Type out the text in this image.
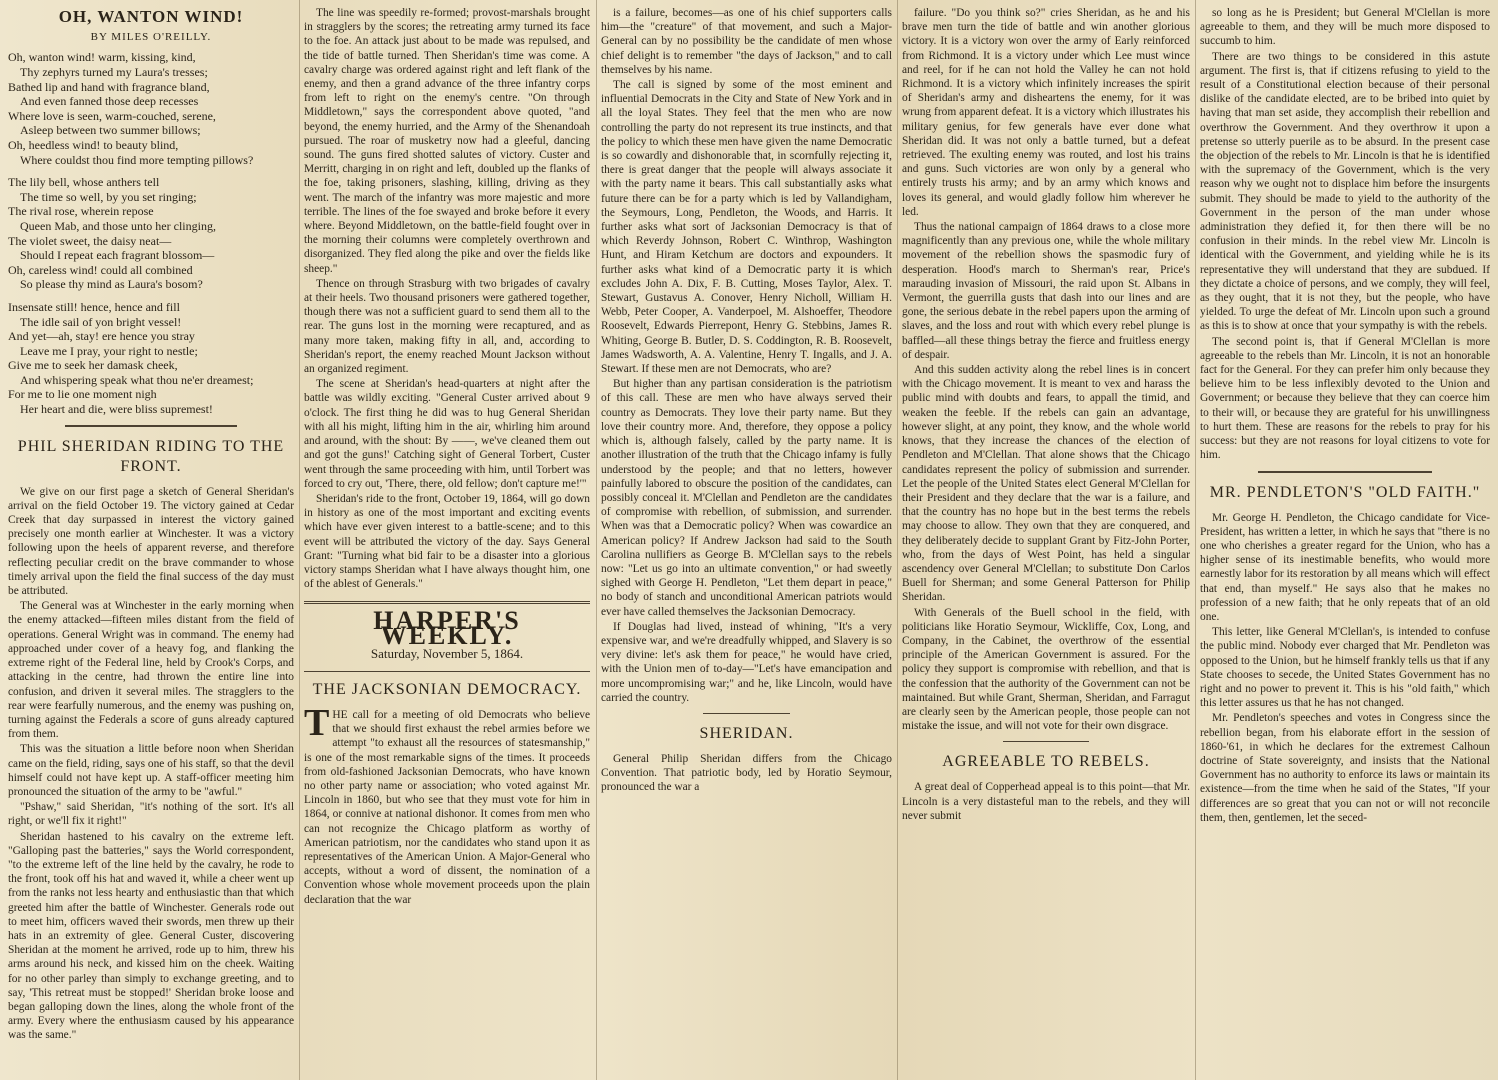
OH, WANTON WIND!
BY MILES O'REILLY.
Oh, wanton wind! warm, kissing, kind,
Thy zephyrs turned my Laura's tresses;
Bathed lip and hand with fragrance bland,
And even fanned those deep recesses
Where love is seen, warm-couched, serene,
Asleep between two summer billows;
Oh, heedless wind! to beauty blind,
Where couldst thou find more tempting pillows?
The lily bell, whose anthers tell
The time so well, by you set ringing;
The rival rose, wherein repose
Queen Mab, and those unto her clinging,
The violet sweet, the daisy neat—
Should I repeat each fragrant blossom—
Oh, careless wind! could all combined
So please thy mind as Laura's bosom?
Insensate still! hence, hence and fill
The idle sail of yon bright vessel!
And yet—ah, stay! ere hence you stray
Leave me I pray, your right to nestle;
Give me to seek her damask cheek,
And whispering speak what thou ne'er dreamest;
For me to lie one moment nigh
Her heart and die, were bliss supremest!
PHIL SHERIDAN RIDING TO THE FRONT.

We give on our first page a sketch of General Sheridan's arrival on the field October 19. The victory gained at Cedar Creek that day surpassed in interest the victory gained precisely one month earlier at Winchester. It was a victory following upon the heels of apparent reverse, and therefore reflecting peculiar credit on the brave commander to whose timely arrival upon the field the final success of the day must be attributed.

The General was at Winchester in the early morning when the enemy attacked—fifteen miles distant from the field of operations. General Wright was in command. The enemy had approached under cover of a heavy fog, and flanking the extreme right of the Federal line, held by Crook's Corps, and attacking in the centre, had thrown the entire line into confusion, and driven it several miles. The stragglers to the rear were fearfully numerous, and the enemy was pushing on, turning against the Federals a score of guns already captured from them.

This was the situation a little before noon when Sheridan came on the field, riding, says one of his staff, so that the devil himself could not have kept up. A staff-officer meeting him pronounced the situation of the army to be "awful."

"Pshaw," said Sheridan, "it's nothing of the sort. It's all right, or we'll fix it right!"

Sheridan hastened to his cavalry on the extreme left. "Galloping past the batteries," says the World correspondent, "to the extreme left of the line held by the cavalry, he rode to the front, took off his hat and waved it, while a cheer went up from the ranks not less hearty and enthusiastic than that which greeted him after the battle of Winchester. Generals rode out to meet him, officers waved their swords, men threw up their hats in an extremity of glee. General Custer, discovering Sheridan at the moment he arrived, rode up to him, threw his arms around his neck, and kissed him on the cheek. Waiting for no other parley than simply to exchange greeting, and to say, 'This retreat must be stopped!' Sheridan broke loose and began galloping down the lines, along the whole front of the army. Every where the enthusiasm caused by his appearance was the same."

The line was speedily re-formed; provost-marshals brought in stragglers by the scores; the retreating army turned its face to the foe. An attack just about to be made was repulsed, and the tide of battle turned. Then Sheridan's time was come. A cavalry charge was ordered against right and left flank of the enemy, and then a grand advance of the three infantry corps from left to right on the enemy's centre. "On through Middletown," says the correspondent above quoted, "and beyond, the enemy hurried, and the Army of the Shenandoah pursued. The roar of musketry now had a gleeful, dancing sound. The guns fired shotted salutes of victory. Custer and Merritt, charging in on right and left, doubled up the flanks of the foe, taking prisoners, slashing, killing, driving as they went. The march of the infantry was more majestic and more terrible. The lines of the foe swayed and broke before it every where. Beyond Middletown, on the battle-field fought over in the morning their columns were completely overthrown and disorganized. They fled along the pike and over the fields like sheep."

Thence on through Strasburg with two brigades of cavalry at their heels. Two thousand prisoners were gathered together, though there was not a sufficient guard to send them all to the rear. The guns lost in the morning were recaptured, and as many more taken, making fifty in all, and, according to Sheridan's report, the enemy reached Mount Jackson without an organized regiment.

The scene at Sheridan's head-quarters at night after the battle was wildly exciting. "General Custer arrived about 9 o'clock. The first thing he did was to hug General Sheridan with all his might, lifting him in the air, whirling him around and around, with the shout: By ——, we've cleaned them out and got the guns!' Catching sight of General Torbert, Custer went through the same proceeding with him, until Torbert was forced to cry out, 'There, there, old fellow; don't capture me!'"

Sheridan's ride to the front, October 19, 1864, will go down in history as one of the most important and exciting events which have ever given interest to a battle-scene; and to this event will be attributed the victory of the day. Says General Grant: "Turning what bid fair to be a disaster into a glorious victory stamps Sheridan what I have always thought him, one of the ablest of Generals."

HARPER'S WEEKLY.
Saturday, November 5, 1864.
THE JACKSONIAN DEMOCRACY.

THE call for a meeting of old Democrats who believe that we should first exhaust the rebel armies before we attempt "to exhaust all the resources of statesmanship," is one of the most remarkable signs of the times. It proceeds from old-fashioned Jacksonian Democrats, who have known no other party name or association; who voted against Mr. Lincoln in 1860, but who see that they must vote for him in 1864, or connive at national dishonor. It comes from men who can not recognize the Chicago platform as worthy of American patriotism, nor the candidates who stand upon it as representatives of the American Union. A Major-General who accepts, without a word of dissent, the nomination of a Convention whose whole movement proceeds upon the plain declaration that the war

is a failure, becomes—as one of his chief supporters calls him—the "creature" of that movement, and such a Major-General can by no possibility be the candidate of men whose chief delight is to remember "the days of Jackson," and to call themselves by his name.

The call is signed by some of the most eminent and influential Democrats in the City and State of New York and in all the loyal States. They feel that the men who are now controlling the party do not represent its true instincts, and that the policy to which these men have given the name Democratic is so cowardly and dishonorable that, in scornfully rejecting it, there is great danger that the people will always associate it with the party name it bears. This call substantially asks what future there can be for a party which is led by Vallandigham, the Seymours, Long, Pendleton, the Woods, and Harris. It further asks what sort of Jacksonian Democracy is that of which Reverdy Johnson, Robert C. Winthrop, Washington Hunt, and Hiram Ketchum are doctors and expounders. It further asks what kind of a Democratic party it is which excludes John A. Dix, F. B. Cutting, Moses Taylor, Alex. T. Stewart, Gustavus A. Conover, Henry Nicholl, William H. Webb, Peter Cooper, A. Vanderpoel, M. Alshoeffer, Theodore Roosevelt, Edwards Pierrepont, Henry G. Stebbins, James R. Whiting, George B. Butler, D. S. Coddington, R. B. Roosevelt, James Wadsworth, A. A. Valentine, Henry T. Ingalls, and J. A. Stewart. If these men are not Democrats, who are?

But higher than any partisan consideration is the patriotism of this call. These are men who have always served their country as Democrats. They love their party name. But they love their country more. And, therefore, they oppose a policy which is, although falsely, called by the party name. It is another illustration of the truth that the Chicago infamy is fully understood by the people; and that no letters, however painfully labored to obscure the position of the candidates, can possibly conceal it. M'Clellan and Pendleton are the candidates of compromise with rebellion, of submission, and surrender. When was that a Democratic policy? When was cowardice an American policy? If Andrew Jackson had said to the South Carolina nullifiers as George B. M'Clellan says to the rebels now: "Let us go into an ultimate convention," or had sweetly sighed with George H. Pendleton, "Let them depart in peace," no body of stanch and unconditional American patriots would ever have called themselves the Jacksonian Democracy.

If Douglas had lived, instead of whining, "It's a very expensive war, and we're dreadfully whipped, and Slavery is so very divine: let's ask them for peace," he would have cried, with the Union men of to-day—"Let's have emancipation and more uncompromising war;" and he, like Lincoln, would have carried the country.

SHERIDAN.

General Philip Sheridan differs from the Chicago Convention. That patriotic body, led by Horatio Seymour, pronounced the war a

failure. "Do you think so?" cries Sheridan, as he and his brave men turn the tide of battle and win another glorious victory. It is a victory won over the army of Early reinforced from Richmond. It is a victory under which Lee must wince and reel, for if he can not hold the Valley he can not hold Richmond. It is a victory which infinitely increases the spirit of Sheridan's army and disheartens the enemy, for it was wrung from apparent defeat. It is a victory which illustrates his military genius, for few generals have ever done what Sheridan did. It was not only a battle turned, but a defeat retrieved. The exulting enemy was routed, and lost his trains and guns. Such victories are won only by a general who entirely trusts his army; and by an army which knows and loves its general, and would gladly follow him wherever he led.

Thus the national campaign of 1864 draws to a close more magnificently than any previous one, while the whole military movement of the rebellion shows the spasmodic fury of desperation. Hood's march to Sherman's rear, Price's marauding invasion of Missouri, the raid upon St. Albans in Vermont, the guerrilla gusts that dash into our lines and are gone, the serious debate in the rebel papers upon the arming of slaves, and the loss and rout with which every rebel plunge is baffled—all these things betray the fierce and fruitless energy of despair.

And this sudden activity along the rebel lines is in concert with the Chicago movement. It is meant to vex and harass the public mind with doubts and fears, to appall the timid, and weaken the feeble. If the rebels can gain an advantage, however slight, at any point, they know, and the whole world knows, that they increase the chances of the election of Pendleton and M'Clellan. That alone shows that the Chicago candidates represent the policy of submission and surrender. Let the people of the United States elect General M'Clellan for their President and they declare that the war is a failure, and that the country has no hope but in the best terms the rebels may choose to allow. They own that they are conquered, and they deliberately decide to supplant Grant by Fitz-John Porter, who, from the days of West Point, has held a singular ascendency over General M'Clellan; to substitute Don Carlos Buell for Sherman; and some General Patterson for Philip Sheridan.

With Generals of the Buell school in the field, with politicians like Horatio Seymour, Wickliffe, Cox, Long, and Company, in the Cabinet, the overthrow of the essential principle of the American Government is assured. For the policy they support is compromise with rebellion, and that is the confession that the authority of the Government can not be maintained. But while Grant, Sherman, Sheridan, and Farragut are clearly seen by the American people, those people can not mistake the issue, and will not vote for their own disgrace.

AGREEABLE TO REBELS.

A great deal of Copperhead appeal is to this point—that Mr. Lincoln is a very distasteful man to the rebels, and they will never submit

so long as he is President; but General M'Clellan is more agreeable to them, and they will be much more disposed to succumb to him.

There are two things to be considered in this astute argument. The first is, that if citizens refusing to yield to the result of a Constitutional election because of their personal dislike of the candidate elected, are to be bribed into quiet by having that man set aside, they accomplish their rebellion and overthrow the Government. And they overthrow it upon a pretense so utterly puerile as to be absurd. In the present case the objection of the rebels to Mr. Lincoln is that he is identified with the supremacy of the Government, which is the very reason why we ought not to displace him before the insurgents submit. They should be made to yield to the authority of the Government in the person of the man under whose administration they defied it, for then there will be no confusion in their minds. In the rebel view Mr. Lincoln is identical with the Government, and yielding while he is its representative they will understand that they are subdued. If they dictate a choice of persons, and we comply, they will feel, as they ought, that it is not they, but the people, who have yielded. To urge the defeat of Mr. Lincoln upon such a ground as this is to show at once that your sympathy is with the rebels.

The second point is, that if General M'Clellan is more agreeable to the rebels than Mr. Lincoln, it is not an honorable fact for the General. For they can prefer him only because they believe him to be less inflexibly devoted to the Union and Government; or because they believe that they can coerce him to their will, or because they are grateful for his unwillingness to hurt them. These are reasons for the rebels to pray for his success: but they are not reasons for loyal citizens to vote for him.

MR. PENDLETON'S "OLD FAITH."

Mr. George H. Pendleton, the Chicago candidate for Vice-President, has written a letter, in which he says that "there is no one who cherishes a greater regard for the Union, who has a higher sense of its inestimable benefits, who would more earnestly labor for its restoration by all means which will effect that end, than myself." He says also that he makes no profession of a new faith; that he only repeats that of an old one.

This letter, like General M'Clellan's, is intended to confuse the public mind. Nobody ever charged that Mr. Pendleton was opposed to the Union, but he himself frankly tells us that if any State chooses to secede, the United States Government has no right and no power to prevent it. This is his "old faith," which this letter assures us that he has not changed.

Mr. Pendleton's speeches and votes in Congress since the rebellion began, from his elaborate effort in the session of 1860-'61, in which he declares for the extremest Calhoun doctrine of State sovereignty, and insists that the National Government has no authority to enforce its laws or maintain its existence—from the time when he said of the States, "If your differences are so great that you can not or will not reconcile them, then, gentlemen, let the seced-
